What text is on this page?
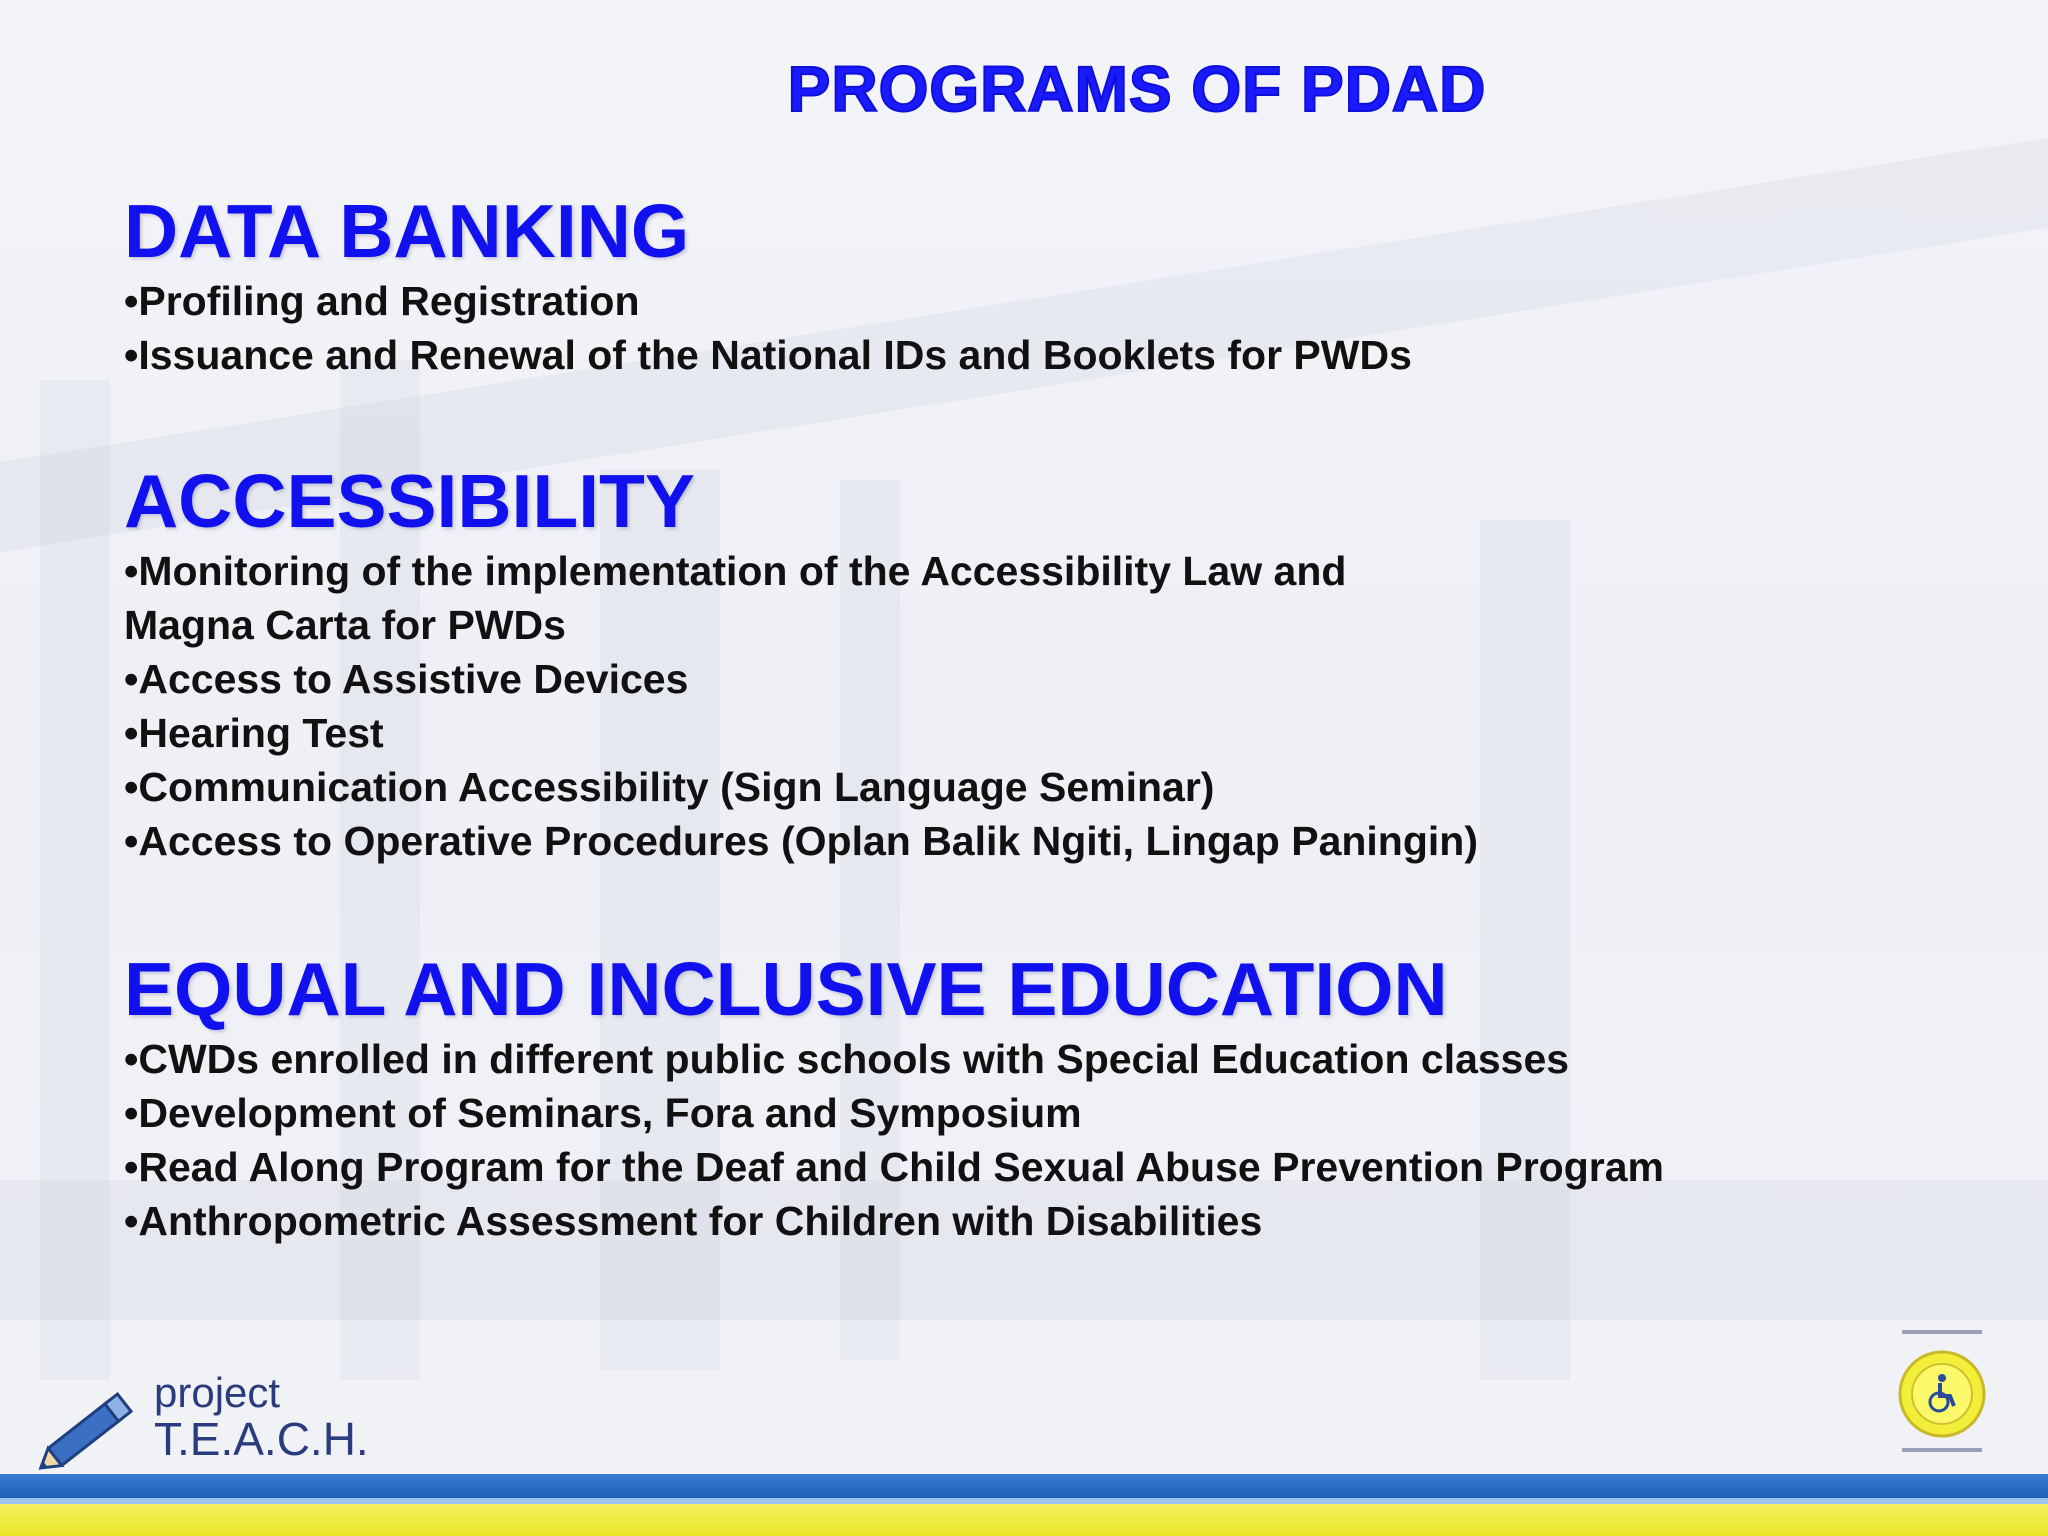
PROGRAMS OF PDAD
DATA BANKING
•Profiling and Registration
•Issuance and Renewal of the National IDs and Booklets for PWDs
ACCESSIBILITY
•Monitoring of the implementation of the Accessibility Law and
Magna Carta for PWDs
•Access to Assistive Devices
•Hearing Test
•Communication Accessibility (Sign Language Seminar)
•Access to Operative Procedures (Oplan Balik Ngiti, Lingap Paningin)
EQUAL AND INCLUSIVE EDUCATION
•CWDs enrolled in different public schools with Special Education classes
•Development of Seminars, Fora and Symposium
•Read Along Program for the Deaf and Child Sexual Abuse Prevention Program
•Anthropometric Assessment for Children with Disabilities
project
T.E.A.C.H.
